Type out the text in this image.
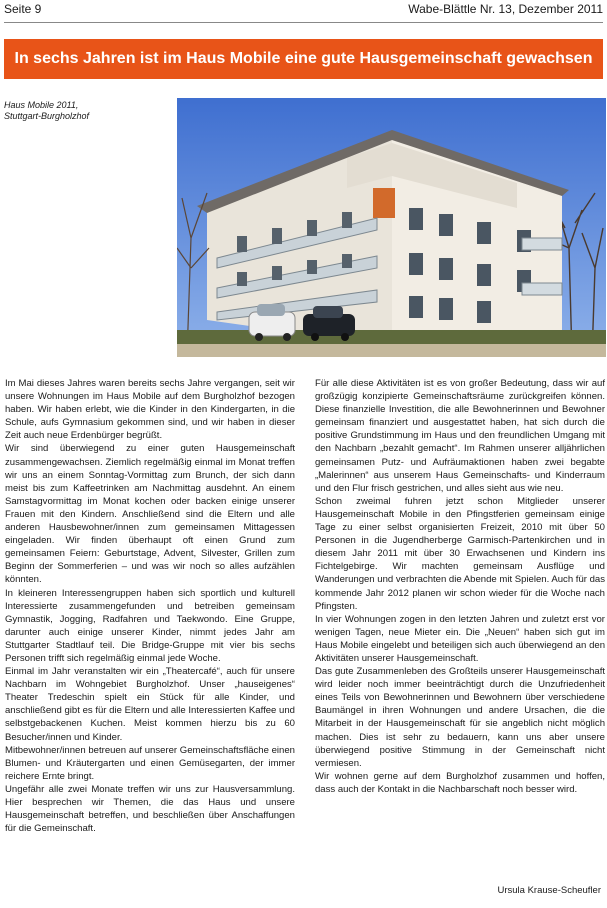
Seite 9	Wabe-Blättle Nr. 13, Dezember 2011
In sechs Jahren ist im Haus Mobile eine gute Hausgemeinschaft gewachsen
Haus Mobile 2011,
Stuttgart-Burgholzhof

Im Mai dieses Jahres waren bereits sechs Jahre vergangen, seit wir unsere Wohnungen im Haus Mobile auf dem Burgholzhof bezogen haben. Wir haben erlebt, wie die Kinder in den Kindergarten, in die Schule, aufs Gymnasium gekommen sind, und wir haben in dieser Zeit auch neue Erdenbürger begrüßt.

Wir sind überwiegend zu einer guten Hausgemeinschaft zusammengewachsen. Ziemlich regelmäßig einmal im Monat treffen wir uns an einem Sonntag-Vormittag zum Brunch, der sich dann meist bis zum Kaffeetrinken am Nachmittag ausdehnt. An einem Samstagvormittag im Monat kochen oder backen einige unserer Frauen mit den Kindern. Anschließend sind die Eltern und alle anderen Hausbewohner/innen zum gemeinsamen Mittagessen eingeladen. Wir finden überhaupt oft einen Grund zum gemeinsamen Feiern: Geburtstage, Advent, Silvester, Grillen zum Beginn der Sommerferien – und was wir noch so alles aufzählen könnten.

In kleineren Interessengruppen haben sich sportlich und kulturell Interessierte zusammengefunden und betreiben gemeinsam Gymnastik, Jogging, Radfahren und Taekwondo. Eine Gruppe, darunter auch einige unserer Kinder, nimmt jedes Jahr am Stuttgarter Stadtlauf teil. Die Bridge-Gruppe mit vier bis sechs Personen trifft sich regelmäßig einmal jede Woche.

Einmal im Jahr veranstalten wir ein „Theatercafé“, auch für unsere Nachbarn im Wohngebiet Burgholzhof. Unser „hauseigenes“ Theater Tredeschin spielt ein Stück für alle Kinder, und anschließend gibt es für die Eltern und alle Interessierten Kaffee und selbstgebackenen Kuchen. Meist kommen hierzu bis zu 60 Besucher/innen und Kinder.

Mitbewohner/innen betreuen auf unserer Gemeinschaftsfläche einen Blumen- und Kräutergarten und einen Gemüsegarten, der immer reichere Ernte bringt.

Ungefähr alle zwei Monate treffen wir uns zur Hausversammlung. Hier besprechen wir Themen, die das Haus und unsere Hausgemeinschaft betreffen, und beschließen über Anschaffungen für die Gemeinschaft.

Für alle diese Aktivitäten ist es von großer Bedeutung, dass wir auf großzügig konzipierte Gemeinschaftsräume zurückgreifen können. Diese finanzielle Investition, die alle Bewohnerinnen und Bewohner gemeinsam finanziert und ausgestattet haben, hat sich durch die positive Grundstimmung im Haus und den freundlichen Umgang mit den Nachbarn „bezahlt gemacht“. Im Rahmen unserer alljährlichen gemeinsamen Putz- und Aufräumaktionen haben zwei begabte „Malerinnen“ aus unserem Haus Gemeinschafts- und Kinderraum und den Flur frisch gestrichen, und alles sieht aus wie neu.

Schon zweimal fuhren jetzt schon Mitglieder unserer Hausgemeinschaft Mobile in den Pfingstferien gemeinsam einige Tage zu einer selbst organisierten Freizeit, 2010 mit über 50 Personen in die Jugendherberge Garmisch-Partenkirchen und in diesem Jahr 2011 mit über 30 Erwachsenen und Kindern ins Fichtelgebirge. Wir machten gemeinsam Ausflüge und Wanderungen und verbrachten die Abende mit Spielen. Auch für das kommende Jahr 2012 planen wir schon wieder für die Woche nach Pfingsten.

In vier Wohnungen zogen in den letzten Jahren und zuletzt erst vor wenigen Tagen, neue Mieter ein. Die „Neuen“ haben sich gut im Haus Mobile eingelebt und beteiligen sich auch überwiegend an den Aktivitäten unserer Hausgemeinschaft.

Das gute Zusammenleben des Großteils unserer Hausgemeinschaft wird leider noch immer beeinträchtigt durch die Unzufriedenheit eines Teils von Bewohnerinnen und Bewohnern über verschiedene Baumängel in ihren Wohnungen und andere Ursachen, die die Mitarbeit in der Hausgemeinschaft für sie angeblich nicht möglich machen. Dies ist sehr zu bedauern, kann uns aber unsere überwiegend positive Stimmung in der Gemeinschaft nicht vermiesen.

Wir wohnen gerne auf dem Burgholzhof zusammen und hoffen, dass auch der Kontakt in die Nachbarschaft noch besser wird.

Ursula Krause-Scheufler
